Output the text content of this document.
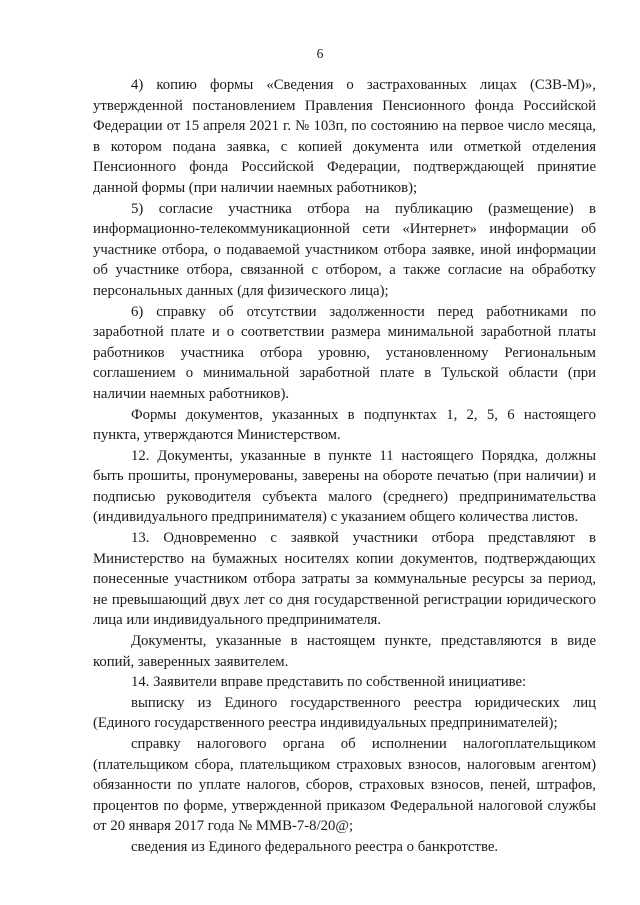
6

4) копию формы «Сведения о застрахованных лицах (СЗВ-М)», утвержденной постановлением Правления Пенсионного фонда Российской Федерации от 15 апреля 2021 г. № 103п, по состоянию на первое число месяца, в котором подана заявка, с копией документа или отметкой отделения Пенсионного фонда Российской Федерации, подтверждающей принятие данной формы (при наличии наемных работников);

5) согласие участника отбора на публикацию (размещение) в информационно-телекоммуникационной сети «Интернет» информации об участнике отбора, о подаваемой участником отбора заявке, иной информации об участнике отбора, связанной с отбором, а также согласие на обработку персональных данных (для физического лица);

6) справку об отсутствии задолженности перед работниками по заработной плате и о соответствии размера минимальной заработной платы работников участника отбора уровню, установленному Региональным соглашением о минимальной заработной плате в Тульской области (при наличии наемных работников).

Формы документов, указанных в подпунктах 1, 2, 5, 6 настоящего пункта, утверждаются Министерством.

12. Документы, указанные в пункте 11 настоящего Порядка, должны быть прошиты, пронумерованы, заверены на обороте печатью (при наличии) и подписью руководителя субъекта малого (среднего) предпринимательства (индивидуального предпринимателя) с указанием общего количества листов.

13. Одновременно с заявкой участники отбора представляют в Министерство на бумажных носителях копии документов, подтверждающих понесенные участником отбора затраты за коммунальные ресурсы за период, не превышающий двух лет со дня государственной регистрации юридического лица или индивидуального предпринимателя.

Документы, указанные в настоящем пункте, представляются в виде копий, заверенных заявителем.

14. Заявители вправе представить по собственной инициативе:

выписку из Единого государственного реестра юридических лиц (Единого государственного реестра индивидуальных предпринимателей);

справку налогового органа об исполнении налогоплательщиком (плательщиком сбора, плательщиком страховых взносов, налоговым агентом) обязанности по уплате налогов, сборов, страховых взносов, пеней, штрафов, процентов по форме, утвержденной приказом Федеральной налоговой службы от 20 января 2017 года № ММВ-7-8/20@;

сведения из Единого федерального реестра о банкротстве.
